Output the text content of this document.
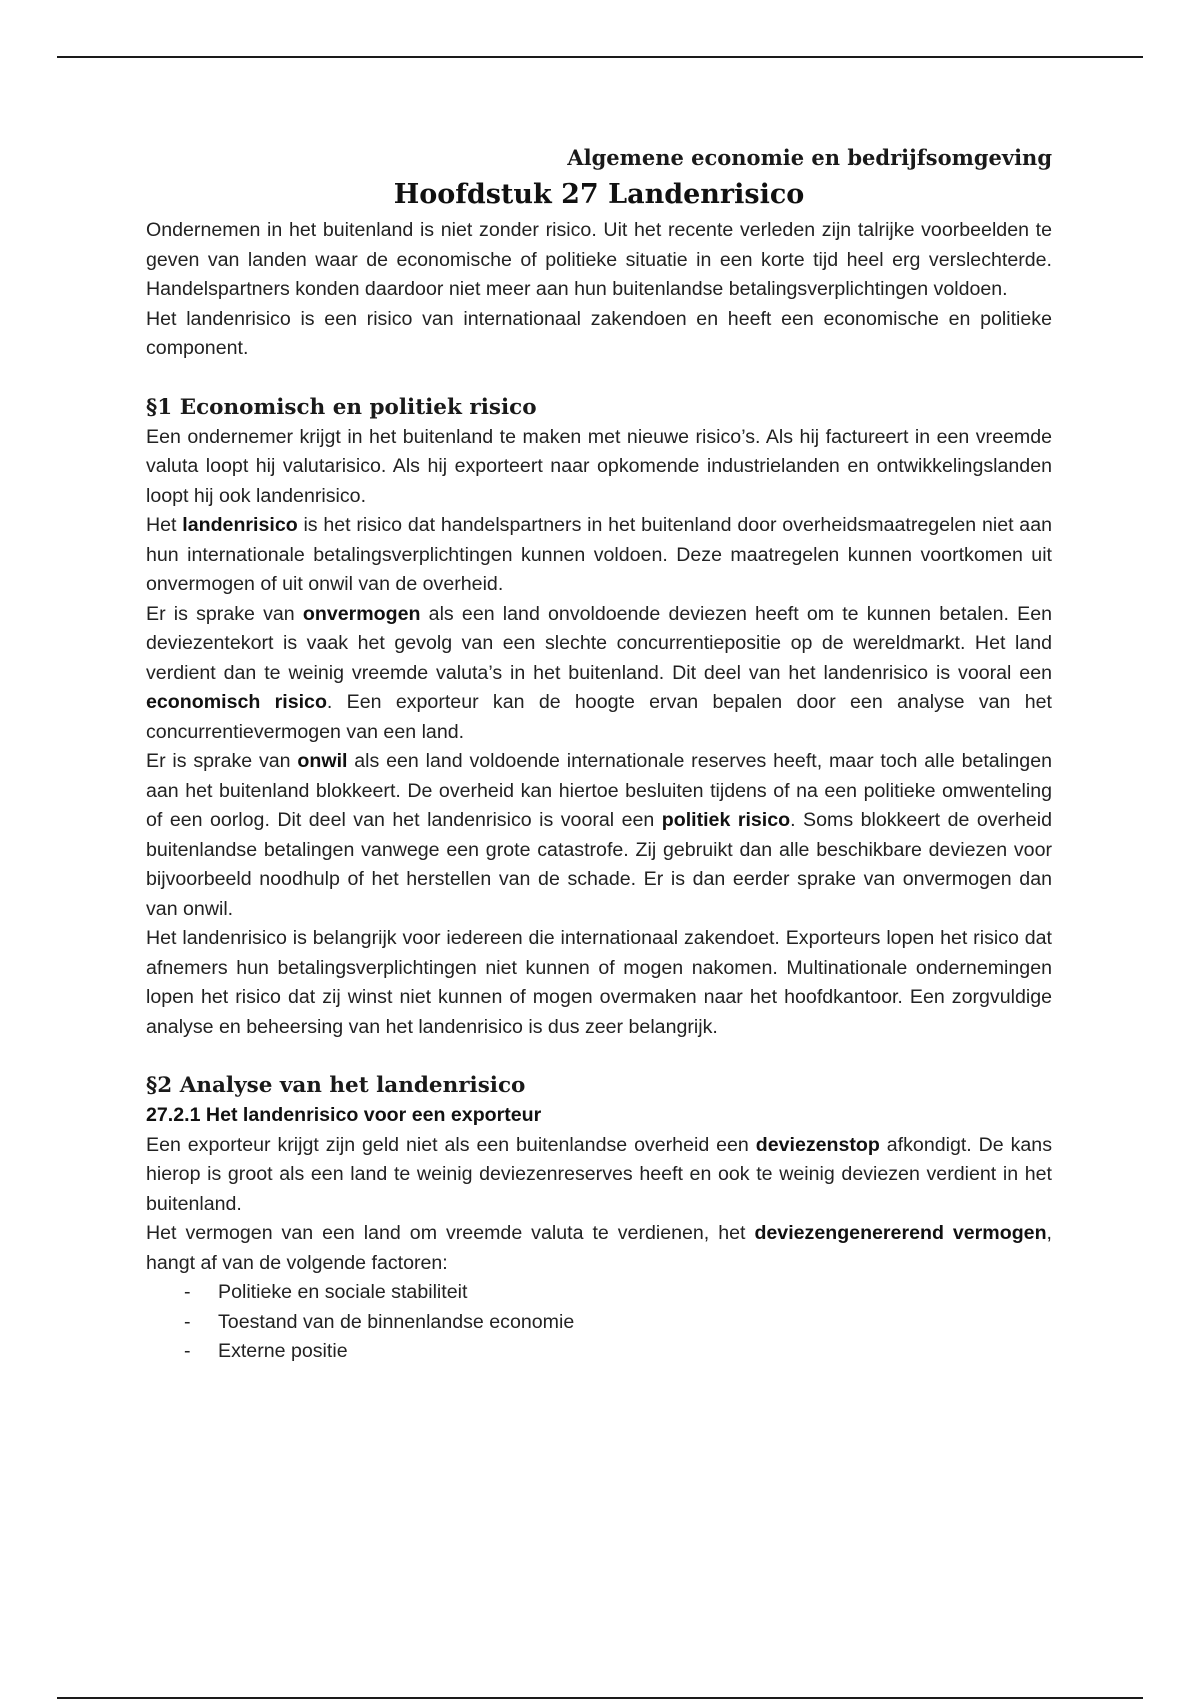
Algemene economie en bedrijfsomgeving

Hoofdstuk 27 Landenrisico

Ondernemen in het buitenland is niet zonder risico. Uit het recente verleden zijn talrijke voorbeelden te geven van landen waar de economische of politieke situatie in een korte tijd heel erg verslechterde. Handelspartners konden daardoor niet meer aan hun buitenlandse betalingsverplichtingen voldoen.

Het landenrisico is een risico van internationaal zakendoen en heeft een economische en politieke component.

§1 Economisch en politiek risico

Een ondernemer krijgt in het buitenland te maken met nieuwe risico’s. Als hij factureert in een vreemde valuta loopt hij valutarisico. Als hij exporteert naar opkomende industrielanden en ontwikkelingslanden loopt hij ook landenrisico.

Het landenrisico is het risico dat handelspartners in het buitenland door overheidsmaatregelen niet aan hun internationale betalingsverplichtingen kunnen voldoen. Deze maatregelen kunnen voortkomen uit onvermogen of uit onwil van de overheid.

Er is sprake van onvermogen als een land onvoldoende deviezen heeft om te kunnen betalen. Een deviezentekort is vaak het gevolg van een slechte concurrentiepositie op de wereldmarkt. Het land verdient dan te weinig vreemde valuta’s in het buitenland. Dit deel van het landenrisico is vooral een economisch risico. Een exporteur kan de hoogte ervan bepalen door een analyse van het concurrentievermogen van een land.

Er is sprake van onwil als een land voldoende internationale reserves heeft, maar toch alle betalingen aan het buitenland blokkeert. De overheid kan hiertoe besluiten tijdens of na een politieke omwenteling of een oorlog. Dit deel van het landenrisico is vooral een politiek risico. Soms blokkeert de overheid buitenlandse betalingen vanwege een grote catastrofe. Zij gebruikt dan alle beschikbare deviezen voor bijvoorbeeld noodhulp of het herstellen van de schade. Er is dan eerder sprake van onvermogen dan van onwil.

Het landenrisico is belangrijk voor iedereen die internationaal zakendoet. Exporteurs lopen het risico dat afnemers hun betalingsverplichtingen niet kunnen of mogen nakomen. Multinationale ondernemingen lopen het risico dat zij winst niet kunnen of mogen overmaken naar het hoofdkantoor. Een zorgvuldige analyse en beheersing van het landenrisico is dus zeer belangrijk.

§2 Analyse van het landenrisico
27.2.1 Het landenrisico voor een exporteur

Een exporteur krijgt zijn geld niet als een buitenlandse overheid een deviezenstop afkondigt. De kans hierop is groot als een land te weinig deviezenreserves heeft en ook te weinig deviezen verdient in het buitenland.

Het vermogen van een land om vreemde valuta te verdienen, het deviezengenererend vermogen, hangt af van de volgende factoren:

- Politieke en sociale stabiliteit
- Toestand van de binnenlandse economie
- Externe positie
